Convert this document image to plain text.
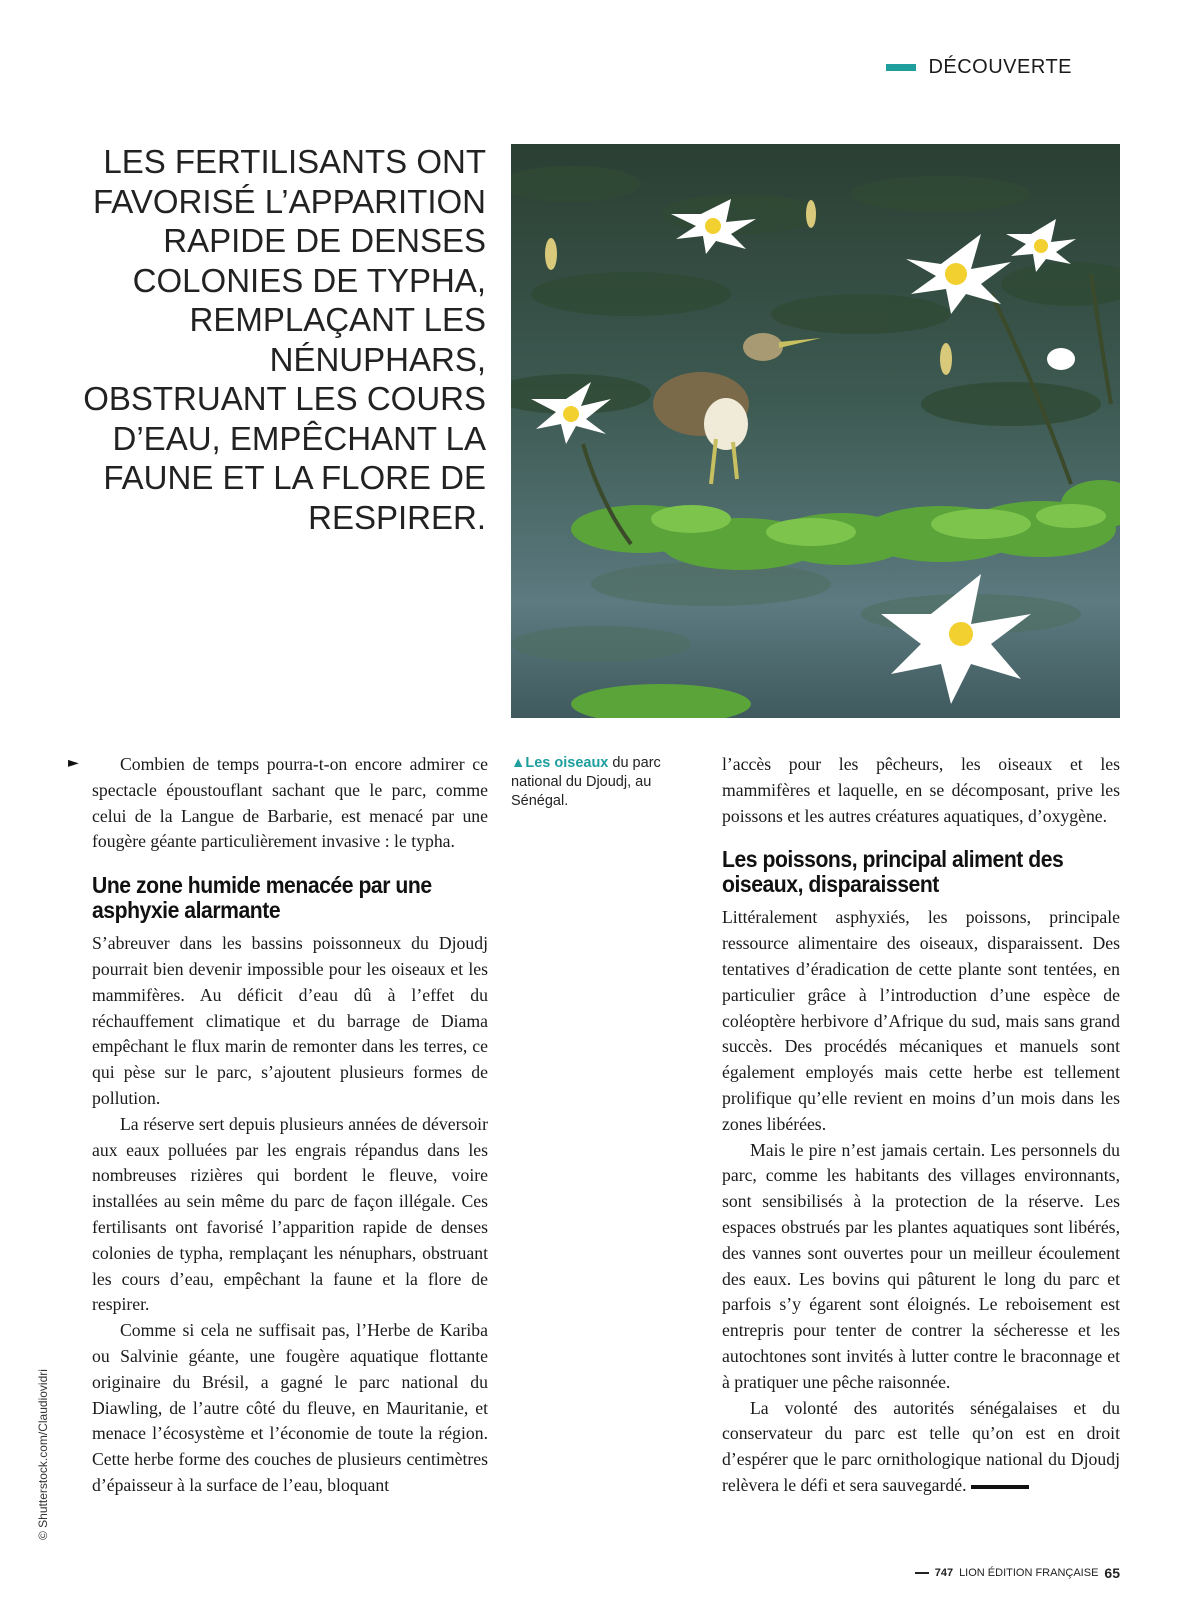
DÉCOUVERTE
LES FERTILISANTS ONT FAVORISÉ L’APPARITION RAPIDE DE DENSES COLONIES DE TYPHA, REMPLAÇANT LES NÉNUPHARS, OBSTRUANT LES COURS D’EAU, EMPÊCHANT LA FAUNE ET LA FLORE DE RESPIRER.
▲Les oiseaux du parc national du Djoudj, au Sénégal.
►	Combien de temps pourra-t-on encore admirer ce spectacle époustouflant sachant que le parc, comme celui de la Langue de Barbarie, est menacé par une fougère géante particulièrement invasive : le typha.

Une zone humide menacée par une asphyxie alarmante

S’abreuver dans les bassins poissonneux du Djoudj pourrait bien devenir impossible pour les oiseaux et les mammifères. Au déficit d’eau dû à l’effet du réchauffement climatique et du barrage de Diama empêchant le flux marin de remonter dans les terres, ce qui pèse sur le parc, s’ajoutent plusieurs formes de pollution.

La réserve sert depuis plusieurs années de déversoir aux eaux polluées par les engrais répandus dans les nombreuses rizières qui bordent le fleuve, voire installées au sein même du parc de façon illégale. Ces fertilisants ont favorisé l’apparition rapide de denses colonies de typha, remplaçant les nénuphars, obstruant les cours d’eau, empêchant la faune et la flore de respirer.

Comme si cela ne suffisait pas, l’Herbe de Kariba ou Salvinie géante, une fougère aquatique flottante originaire du Brésil, a gagné le parc national du Diawling, de l’autre côté du fleuve, en Mauritanie, et menace l’écosystème et l’économie de toute la région. Cette herbe forme des couches de plusieurs centimètres d’épaisseur à la surface de l’eau, bloquant

l’accès pour les pêcheurs, les oiseaux et les mammifères et laquelle, en se décomposant, prive les poissons et les autres créatures aquatiques, d’oxygène.

Les poissons, principal aliment des oiseaux, disparaissent

Littéralement asphyxiés, les poissons, principale ressource alimentaire des oiseaux, disparaissent. Des tentatives d’éradication de cette plante sont tentées, en particulier grâce à l’introduction d’une espèce de coléoptère herbivore d’Afrique du sud, mais sans grand succès. Des procédés mécaniques et manuels sont également employés mais cette herbe est tellement prolifique qu’elle revient en moins d’un mois dans les zones libérées.

Mais le pire n’est jamais certain. Les personnels du parc, comme les habitants des villages environnants, sont sensibilisés à la protection de la réserve. Les espaces obstrués par les plantes aquatiques sont libérés, des vannes sont ouvertes pour un meilleur écoulement des eaux. Les bovins qui pâturent le long du parc et parfois s’y égarent sont éloignés. Le reboisement est entrepris pour tenter de contrer la sécheresse et les autochtones sont invités à lutter contre le braconnage et à pratiquer une pêche raisonnée.

La volonté des autorités sénégalaises et du conservateur du parc est telle qu’on est en droit d’espérer que le parc ornithologique national du Djoudj relèvera le défi et sera sauvegardé.

© Shutterstock.com/Claudiovidri
747 LION ÉDITION FRANÇAISE 65
